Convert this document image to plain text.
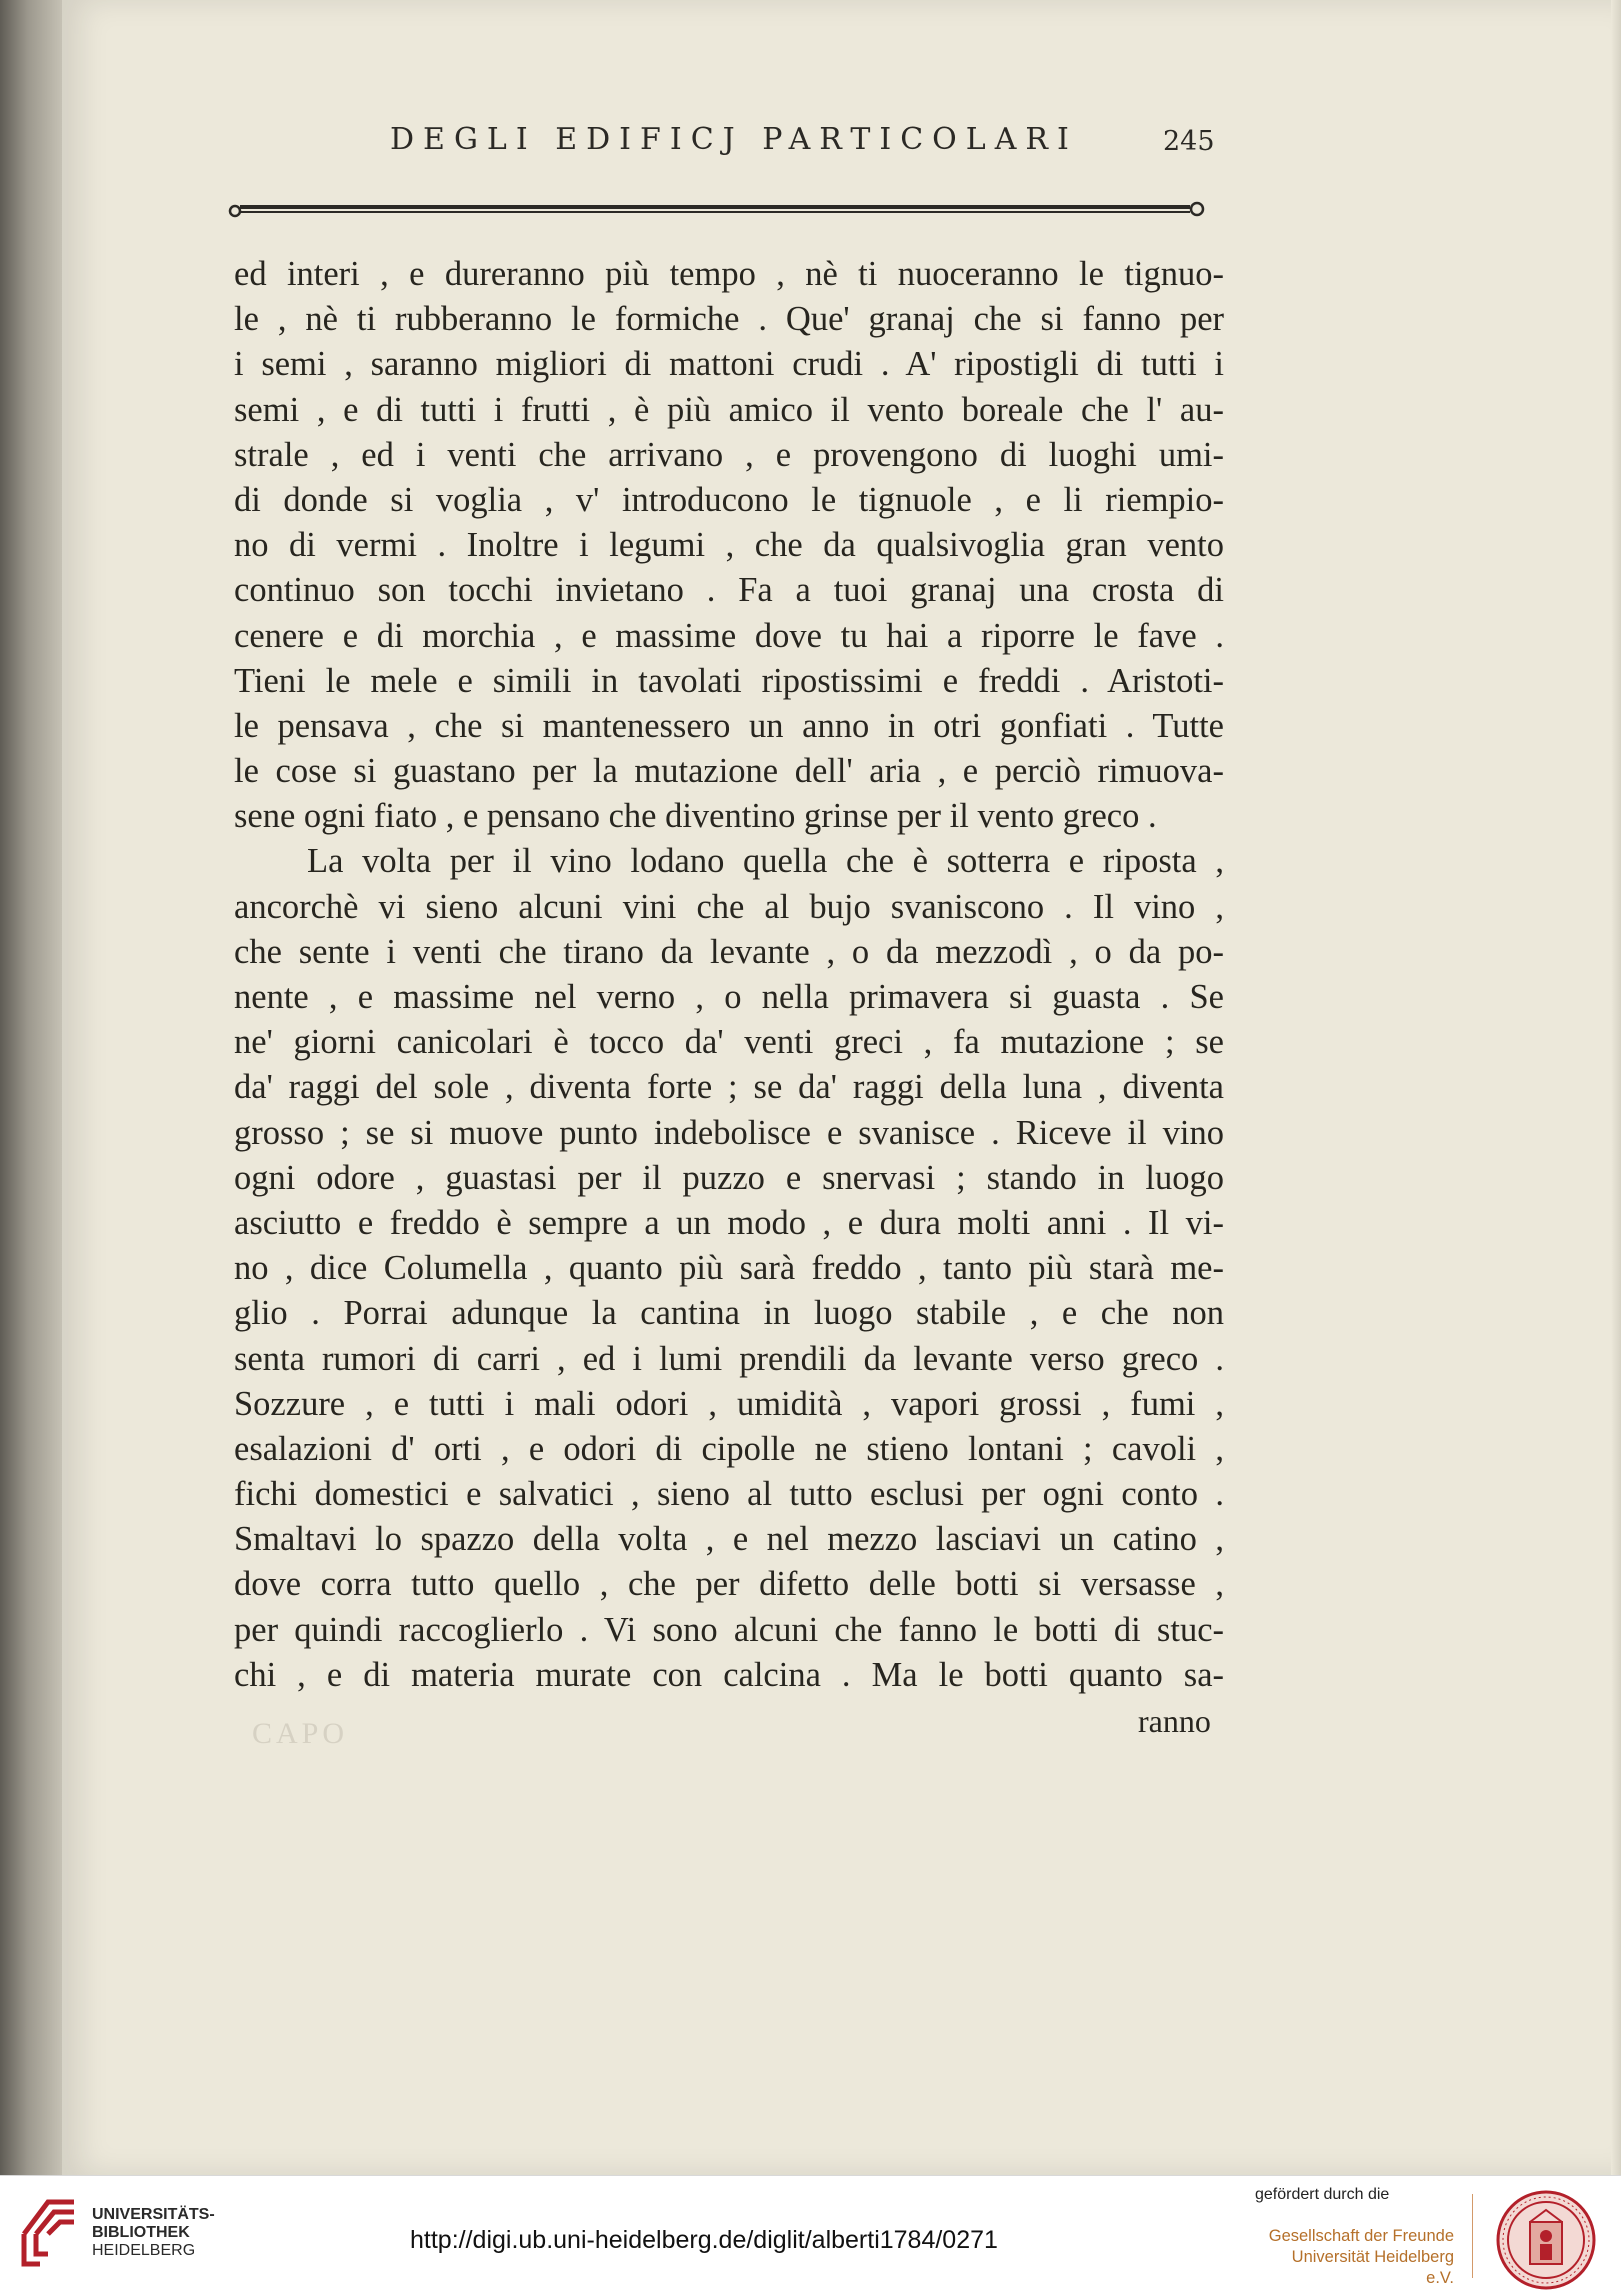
DEGLI EDIFICJ PARTICOLARI	245
ed interi , e dureranno più tempo , nè ti nuoceranno le tignuo-
le , nè ti rubberanno le formiche . Que' granaj che si fanno per
i semi , saranno migliori di mattoni crudi . A' ripostigli di tutti i
semi , e di tutti i frutti , è più amico il vento boreale che l' au-
strale , ed i venti che arrivano , e provengono di luoghi umi-
di donde si voglia , v' introducono le tignuole , e li riempio-
no di vermi . Inoltre i legumi , che da qualsivoglia gran vento
continuo son tocchi invietano . Fa a tuoi granaj una crosta di
cenere e di morchia , e massime dove tu hai a riporre le fave .
Tieni le mele e simili in tavolati ripostissimi e freddi . Aristoti-
le pensava , che si mantenessero un anno in otri gonfiati . Tutte
le cose si guastano per la mutazione dell' aria , e perciò rimuova-
sene ogni fiato , e pensano che diventino grinse per il vento greco .
La volta per il vino lodano quella che è sotterra e riposta ,
ancorchè vi sieno alcuni vini che al bujo svaniscono . Il vino ,
che sente i venti che tirano da levante , o da mezzodì , o da po-
nente , e massime nel verno , o nella primavera si guasta . Se
ne' giorni canicolari è tocco da' venti greci , fa mutazione ; se
da' raggi del sole , diventa forte ; se da' raggi della luna , diventa
grosso ; se si muove punto indebolisce e svanisce . Riceve il vino
ogni odore , guastasi per il puzzo e snervasi ; stando in luogo
asciutto e freddo è sempre a un modo , e dura molti anni . Il vi-
no , dice Columella , quanto più sarà freddo , tanto più starà me-
glio . Porrai adunque la cantina in luogo stabile , e che non
senta rumori di carri , ed i lumi prendili da levante verso greco .
Sozzure , e tutti i mali odori , umidità , vapori grossi , fumi ,
esalazioni d' orti , e odori di cipolle ne stieno lontani ; cavoli ,
fichi domestici e salvatici , sieno al tutto esclusi per ogni conto .
Smaltavi lo spazzo della volta , e nel mezzo lasciavi un catino ,
dove corra tutto quello , che per difetto delle botti si versasse ,
per quindi raccoglierlo . Vi sono alcuni che fanno le botti di stuc-
chi , e di materia murate con calcina . Ma le botti quanto sa-
CAPO	ranno
UNIVERSITÄTS-
BIBLIOTHEK
HEIDELBERG	http://digi.ub.uni-heidelberg.de/diglit/alberti1784/0271
gefördert durch die
Gesellschaft der Freunde
Universität Heidelberg e.V.
